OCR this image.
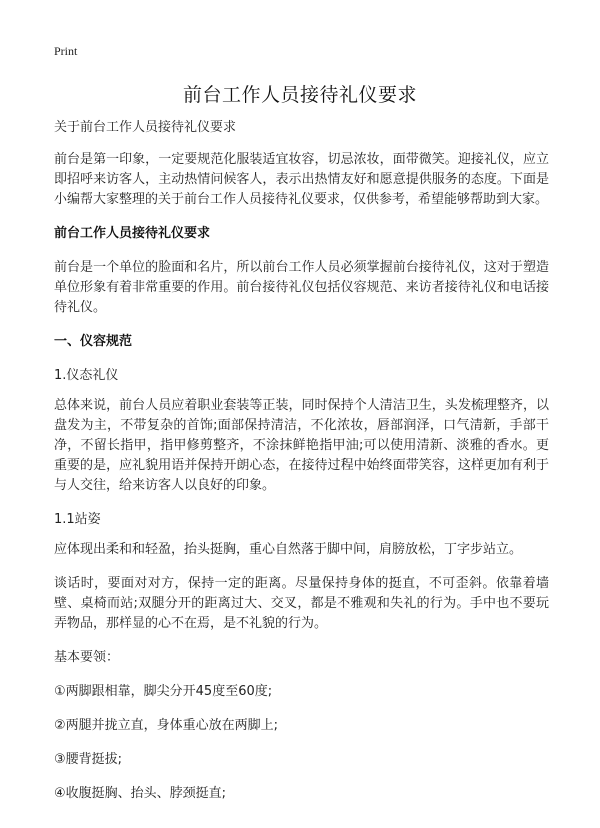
Print
前台工作人员接待礼仪要求

关于前台工作人员接待礼仪要求

前台是第一印象，一定要规范化服装适宜妆容，切忌浓妆，面带微笑。迎接礼仪，应立即招呼来访客人，主动热情问候客人，表示出热情友好和愿意提供服务的态度。下面是小编帮大家整理的关于前台工作人员接待礼仪要求，仅供参考，希望能够帮助到大家。

前台工作人员接待礼仪要求

前台是一个单位的脸面和名片，所以前台工作人员必须掌握前台接待礼仪，这对于塑造单位形象有着非常重要的作用。前台接待礼仪包括仪容规范、来访者接待礼仪和电话接待礼仪。

一、仪容规范

1.仪态礼仪

总体来说，前台人员应着职业套装等正装，同时保持个人清洁卫生，头发梳理整齐，以盘发为主，不带复杂的首饰;面部保持清洁，不化浓妆，唇部润泽，口气清新，手部干净，不留长指甲，指甲修剪整齐，不涂抹鲜艳指甲油;可以使用清新、淡雅的香水。更重要的是，应礼貌用语并保持开朗心态，在接待过程中始终面带笑容，这样更加有利于与人交往，给来访客人以良好的印象。

1.1站姿

应体现出柔和和轻盈，抬头挺胸，重心自然落于脚中间，肩膀放松，丁字步站立。

谈话时，要面对对方，保持一定的距离。尽量保持身体的挺直，不可歪斜。依靠着墙壁、桌椅而站;双腿分开的距离过大、交叉，都是不雅观和失礼的行为。手中也不要玩弄物品，那样显的心不在焉，是不礼貌的行为。

基本要领：

①两脚跟相靠，脚尖分开45度至60度;

②两腿并拢立直，身体重心放在两脚上;

③腰背挺拔;

④收腹挺胸、抬头、脖颈挺直;
